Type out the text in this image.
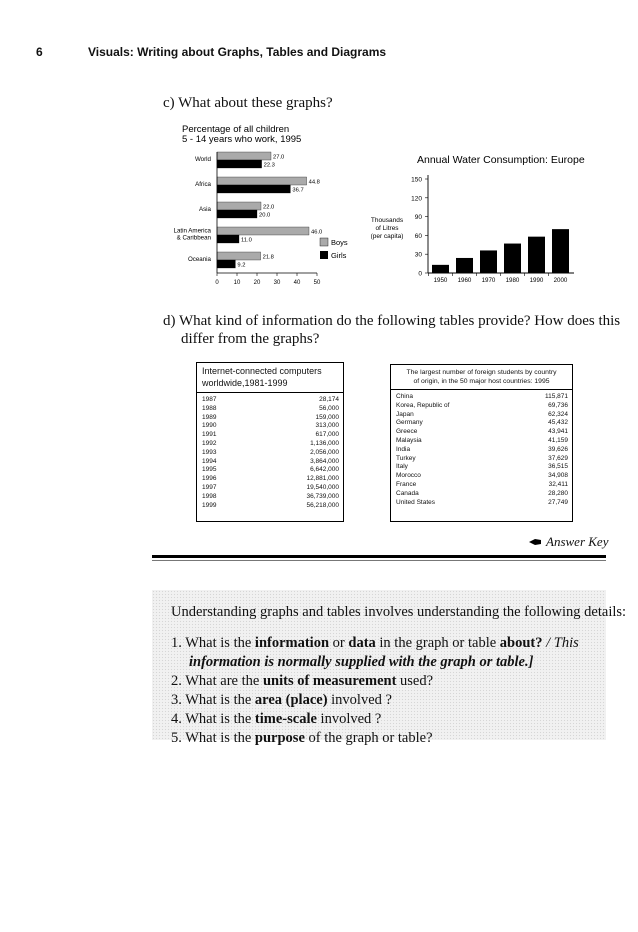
6	Visuals: Writing about Graphs, Tables and Diagrams
c) What about these graphs?
Percentage of all children
5 - 14 years who work, 1995
World	27.0
22.3
Africa	44.8
36.7
Asia	22.0
20.0
Latin America
& Caribbean
46.0
11.0
Oceania	21.8
9.2
0 10 20 30 40 50
Boys
Girls
Annual Water Consumption: Europe
Thousands
of Litres
(per capita)
1950 1960 1970 1980 1990 2000
0
30
60
90
120
150
d) What kind of information do the following tables provide? How does this
differ from the graphs?
Internet-connected computers
worldwide,1981-1999
1987	28,174
1988	56,000
1989	159,000
1990	313,000
1991	617,000
1992	1,136,000
1993	2,056,000
1994	3,864,000
1995	6,642,000
1996	12,881,000
1997	19,540,000
1998	36,739,000
1999	56,218,000
The largest number of foreign students by country
of origin, in the 50 major host countries: 1995
China	115,871
Korea, Republic of	69,736
Japan	62,324
Germany	45,432
Greece	43,941
Malaysia	41,159
India	39,626
Turkey	37,629
Italy	36,515
Morocco	34,908
France	32,411
Canada	28,280
United States	27,749
Answer Key
Understanding graphs and tables involves understanding the following details:
1. What is the information or data in the graph or table about? / This
information is normally supplied with the graph or table.]
2. What are the units of measurement used?
3. What is the area (place) involved ?
4. What is the time-scale involved ?
5. What is the purpose of the graph or table?
